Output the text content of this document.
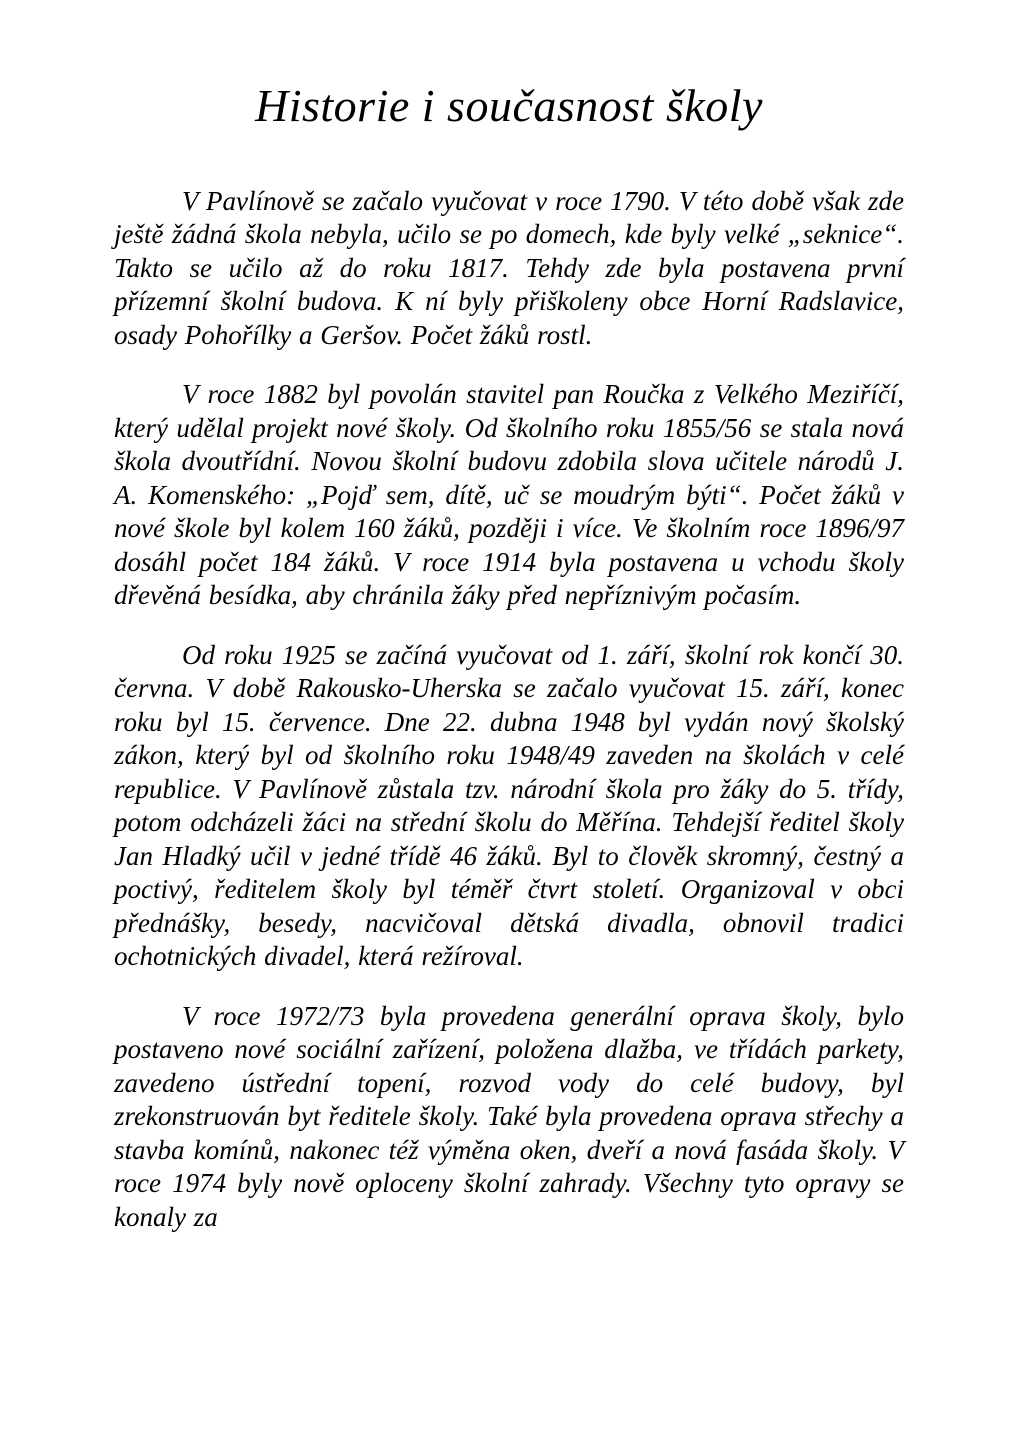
Historie i současnost školy

V Pavlínově se začalo vyučovat v roce 1790. V této době však zde ještě žádná škola nebyla, učilo se po domech, kde byly velké „seknice“. Takto se učilo až do roku 1817. Tehdy zde byla postavena první přízemní školní budova. K ní byly přiškoleny obce Horní Radslavice, osady Pohořílky a Geršov. Počet žáků rostl.

V roce 1882 byl povolán stavitel pan Roučka z Velkého Meziříčí, který udělal projekt nové školy. Od školního roku 1855/56 se stala nová škola dvoutřídní. Novou školní budovu zdobila slova učitele národů J. A. Komenského: „Pojď sem, dítě, uč se moudrým býti“. Počet žáků v nové škole byl kolem 160 žáků, později i více. Ve školním roce 1896/97 dosáhl počet 184 žáků. V roce 1914 byla postavena u vchodu školy dřevěná besídka, aby chránila žáky před nepříznivým počasím.

Od roku 1925 se začíná vyučovat od 1. září, školní rok končí 30. června. V době Rakousko-Uherska se začalo vyučovat 15. září, konec roku byl 15. července. Dne 22. dubna 1948 byl vydán nový školský zákon, který byl od školního roku 1948/49 zaveden na školách v celé republice. V Pavlínově zůstala tzv. národní škola pro žáky do 5. třídy, potom odcházeli žáci na střední školu do Měřína. Tehdejší ředitel školy Jan Hladký učil v jedné třídě 46 žáků. Byl to člověk skromný, čestný a poctivý, ředitelem školy byl téměř čtvrt století. Organizoval v obci přednášky, besedy, nacvičoval dětská divadla, obnovil tradici ochotnických divadel, která režíroval.

V roce 1972/73 byla provedena generální oprava školy, bylo postaveno nové sociální zařízení, položena dlažba, ve třídách parkety, zavedeno ústřední topení, rozvod vody do celé budovy, byl zrekonstruován byt ředitele školy. Také byla provedena oprava střechy a stavba komínů, nakonec též výměna oken, dveří a nová fasáda školy. V roce 1974 byly nově oploceny školní zahrady. Všechny tyto opravy se konaly za
